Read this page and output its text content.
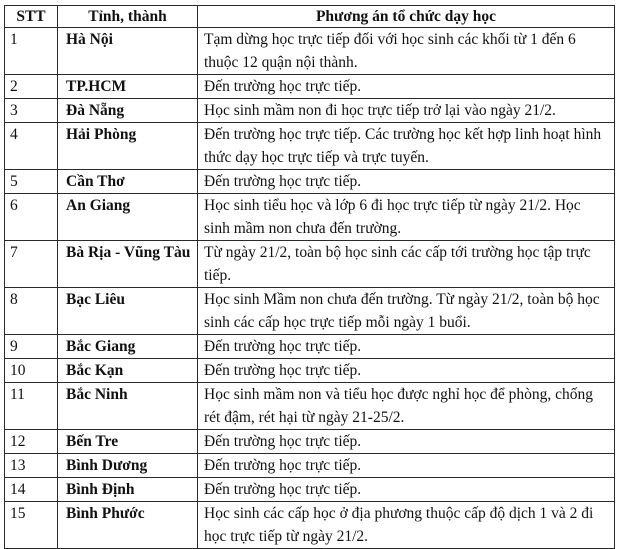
STT	Tỉnh, thành	Phương án tổ chức dạy học
1	Hà Nội	Tạm dừng học trực tiếp đối với học sinh các khối từ 1 đến 6 thuộc 12 quận nội thành.
2	TP.HCM	Đến trường học trực tiếp.
3	Đà Nẵng	Học sinh mầm non đi học trực tiếp trở lại vào ngày 21/2.
4	Hải Phòng	Đến trường học trực tiếp. Các trường học kết hợp linh hoạt hình thức dạy học trực tiếp và trực tuyến.
5	Cần Thơ	Đến trường học trực tiếp.
6	An Giang	Học sinh tiểu học và lớp 6 đi học trực tiếp từ ngày 21/2. Học sinh mầm non chưa đến trường.
7	Bà Rịa - Vũng Tàu	Từ ngày 21/2, toàn bộ học sinh các cấp tới trường học tập trực tiếp.
8	Bạc Liêu	Học sinh Mầm non chưa đến trường. Từ ngày 21/2, toàn bộ học sinh các cấp học trực tiếp mỗi ngày 1 buổi.
9	Bắc Giang	Đến trường học trực tiếp.
10	Bắc Kạn	Đến trường học trực tiếp.
11	Bắc Ninh	Học sinh mầm non và tiểu học được nghỉ học để phòng, chống rét đậm, rét hại từ ngày 21-25/2.
12	Bến Tre	Đến trường học trực tiếp.
13	Bình Dương	Đến trường học trực tiếp.
14	Bình Định	Đến trường học trực tiếp.
15	Bình Phước	Học sinh các cấp học ở địa phương thuộc cấp độ dịch 1 và 2 đi học trực tiếp từ ngày 21/2.
